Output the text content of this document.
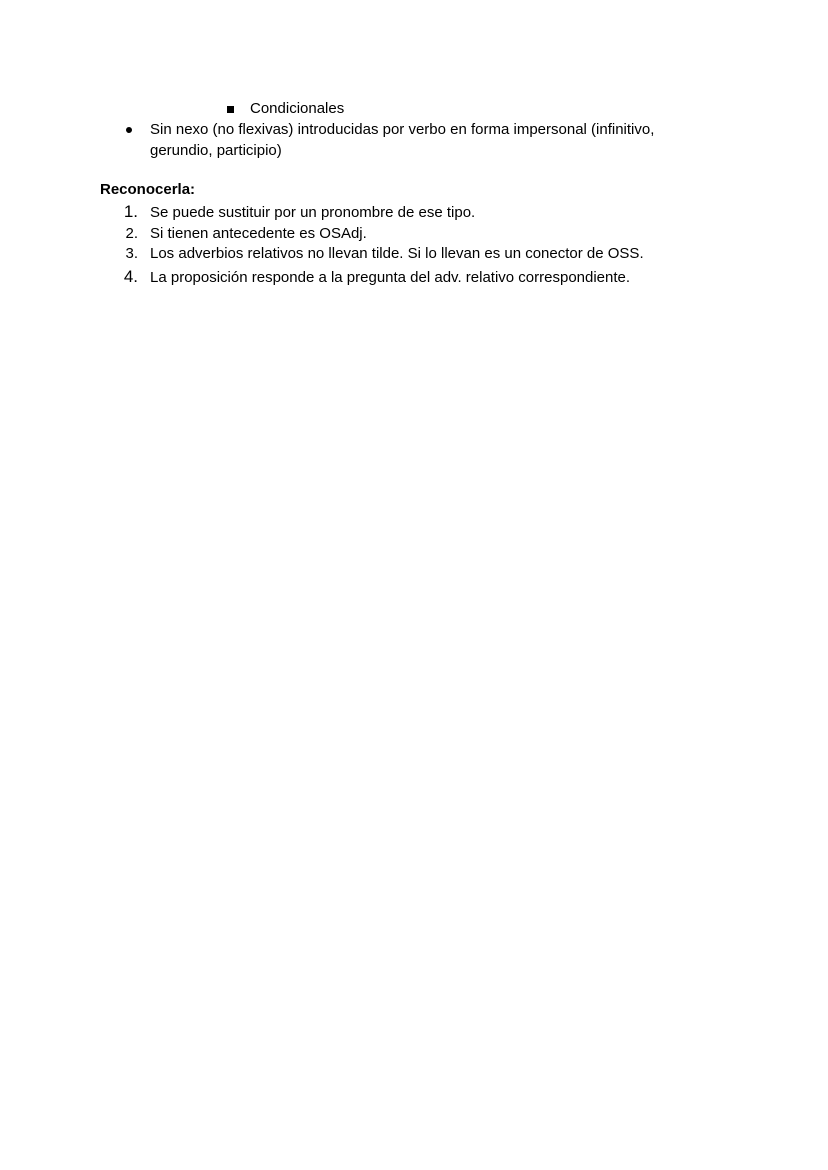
Condicionales
Sin nexo (no flexivas) introducidas por verbo en forma impersonal (infinitivo,
gerundio, participio)
Reconocerla:
1. Se puede sustituir por un pronombre de ese tipo.
2. Si tienen antecedente es OSAdj.
3. Los adverbios relativos no llevan tilde. Si lo llevan es un conector de OSS.
4. La proposición responde a la pregunta del adv. relativo correspondiente.
